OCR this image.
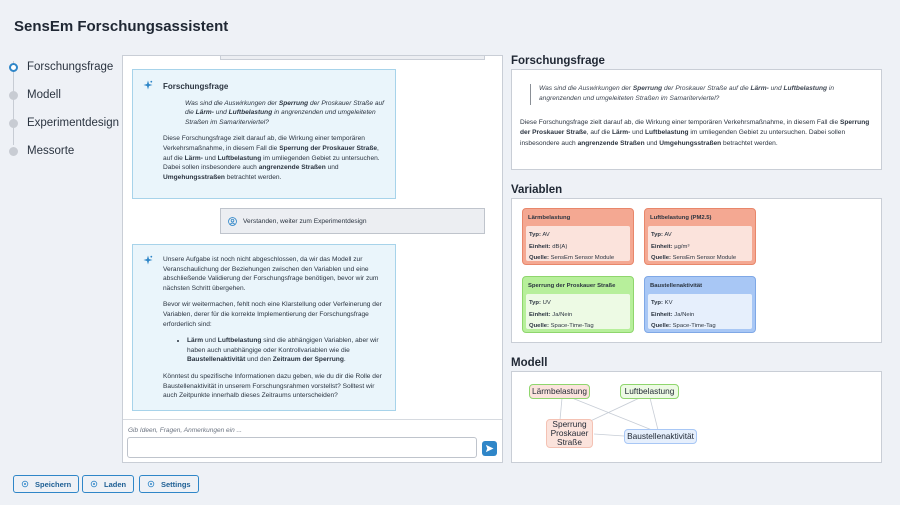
SensEm Forschungsassistent
Forschungsfrage
Modell
Experimentdesign
Messorte
Forschungsfrage
Was sind die Auswirkungen der Sperrung der Proskauer Straße auf die Lärm- und Luftbelastung in angrenzenden und umgeleiteten Straßen im Samariterviertel?

Diese Forschungsfrage zielt darauf ab, die Wirkung einer temporären Verkehrsmaßnahme, in diesem Fall die Sperrung der Proskauer Straße, auf die Lärm- und Luftbelastung im umliegenden Gebiet zu untersuchen. Dabei sollen insbesondere auch angrenzende Straßen und Umgehungsstraßen betrachtet werden.

Verstanden, weiter zum Experimentdesign

Unsere Aufgabe ist noch nicht abgeschlossen, da wir das Modell zur Veranschaulichung der Beziehungen zwischen den Variablen und eine abschließende Validierung der Forschungsfrage benötigen, bevor wir zum nächsten Schritt übergehen.

Bevor wir weitermachen, fehlt noch eine Klarstellung oder Verfeinerung der Variablen, derer für die korrekte Implementierung der Forschungsfrage erforderlich sind:

• Lärm und Luftbelastung sind die abhängigen Variablen, aber wir haben auch unabhängige oder Kontrollvariablen wie die Baustellenaktivität und den Zeitraum der Sperrung.

Könntest du spezifische Informationen dazu geben, wie du dir die Rolle der Baustellenaktivität in unserem Forschungsrahmen vorstellst? Solltest wir auch Zeitpunkte innerhalb dieses Zeitraums unterscheiden?

Gib Ideen, Fragen, Anmerkungen ein ...
Forschungsfrage
Was sind die Auswirkungen der Sperrung der Proskauer Straße auf die Lärm- und Luftbelastung in angrenzenden und umgeleiteten Straßen im Samariterviertel?
Diese Forschungsfrage zielt darauf ab, die Wirkung einer temporären Verkehrsmaßnahme, in diesem Fall die Sperrung der Proskauer Straße, auf die Lärm- und Luftbelastung im umliegenden Gebiet zu untersuchen. Dabei sollen insbesondere auch angrenzende Straßen und Umgehungsstraßen betrachtet werden.
Variablen
Lärmbelastung
Typ: AV
Einheit: dB(A)
Quelle: SensEm Sensor Module
Luftbelastung (PM2.5)
Typ: AV
Einheit: µg/m³
Quelle: SensEm Sensor Module
Sperrung der Proskauer Straße
Typ: UV
Einheit: Ja/Nein
Quelle: Space-Time-Tag
Baustellenaktivität
Typ: KV
Einheit: Ja/Nein
Quelle: Space-Time-Tag
Modell
Lärmbelastung	Luftbelastung
Sperrung Proskauer Straße
Baustellenaktivität
Speichern	Laden	Settings
